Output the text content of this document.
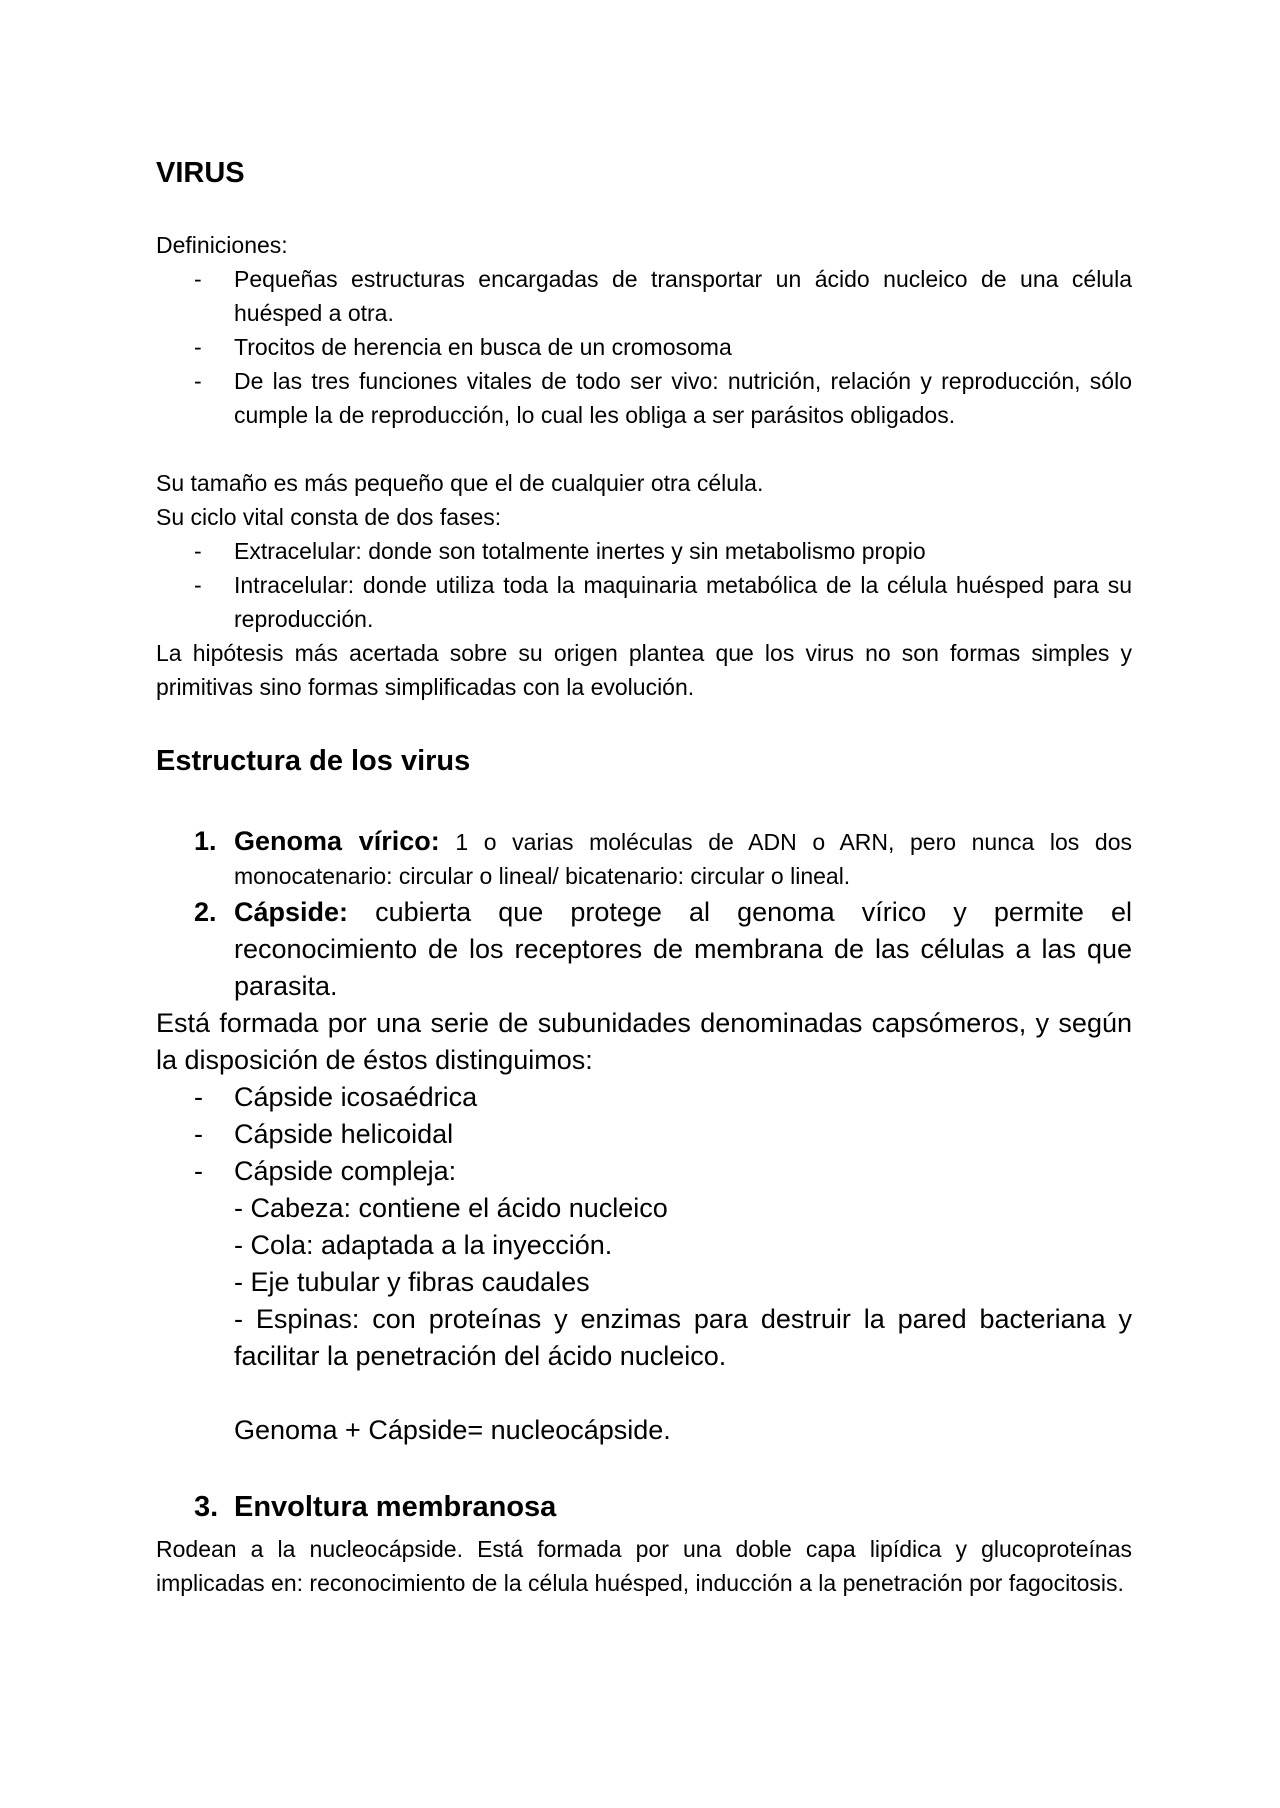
VIRUS
Definiciones:
-	Pequeñas estructuras encargadas de transportar un ácido nucleico de una célula huésped a otra.
-	Trocitos de herencia en busca de un cromosoma
-	De las tres funciones vitales de todo ser vivo: nutrición, relación y reproducción, sólo cumple la de reproducción, lo cual les obliga a ser parásitos obligados.
Su tamaño es más pequeño que el de cualquier otra célula.
Su ciclo vital consta de dos fases:
-	Extracelular: donde son totalmente inertes y sin metabolismo propio
-	Intracelular: donde utiliza toda la maquinaria metabólica de la célula huésped para su reproducción.
La hipótesis más acertada sobre su origen plantea que los virus no son formas simples y primitivas sino formas simplificadas con la evolución.
Estructura de los virus
1. Genoma vírico: 1 o varias moléculas de ADN o ARN, pero nunca los dos monocatenario: circular o lineal/ bicatenario: circular o lineal.
2. Cápside: cubierta que protege al genoma vírico y permite el reconocimiento de los receptores de membrana de las células a las que parasita.
Está formada por una serie de subunidades denominadas capsómeros, y según la disposición de éstos distinguimos:
-	Cápside icosaédrica
-	Cápside helicoidal
-	Cápside compleja:
- Cabeza: contiene el ácido nucleico
- Cola: adaptada a la inyección.
- Eje tubular y fibras caudales
- Espinas: con proteínas y enzimas para destruir la pared bacteriana y facilitar la penetración del ácido nucleico.
Genoma + Cápside= nucleocápside.
3. Envoltura membranosa
Rodean a la nucleocápside. Está formada por una doble capa lipídica y glucoproteínas implicadas en: reconocimiento de la célula huésped, inducción a la penetración por fagocitosis.
